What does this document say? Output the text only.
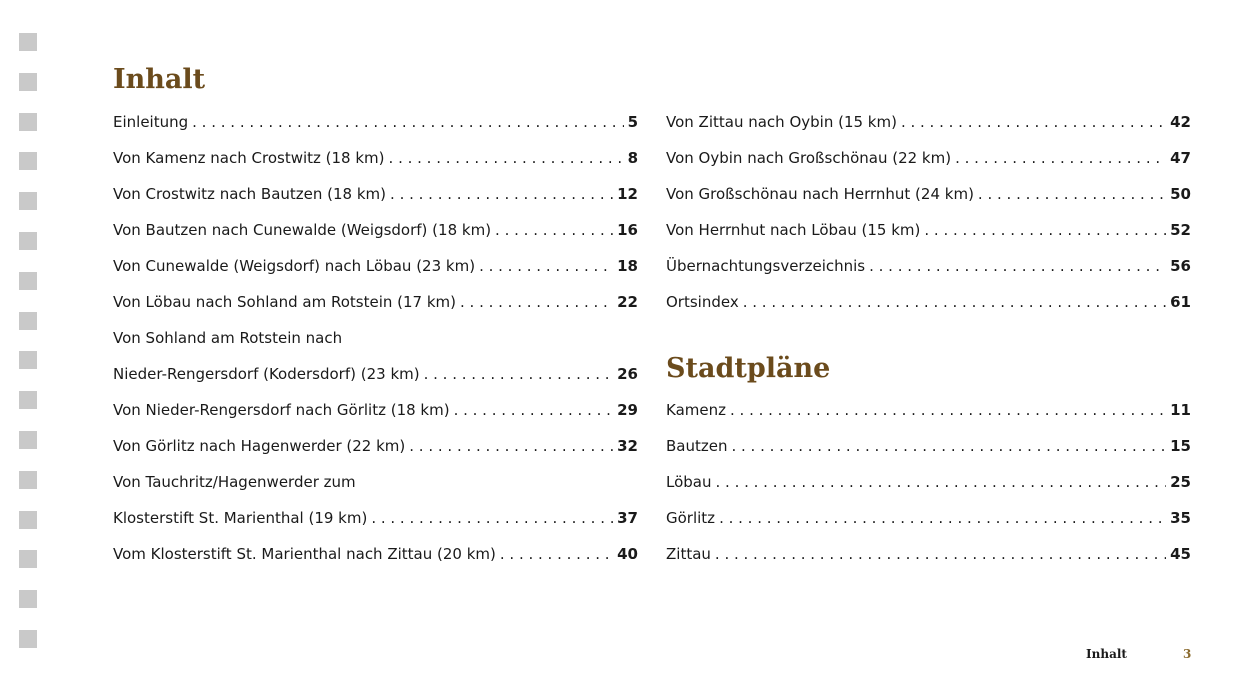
Inhalt
Einleitung . . .	5
Von Kamenz nach Crostwitz (18 km) . . .	8
Von Crostwitz nach Bautzen (18 km) . . .	12
Von Bautzen nach Cunewalde (Weigsdorf) (18 km) . . .	16
Von Cunewalde (Weigsdorf) nach Löbau (23 km) . . .	18
Von Löbau nach Sohland am Rotstein (17 km) . . .	22
Von Sohland am Rotstein nach
Nieder-Rengersdorf (Kodersdorf) (23 km) . . .	26
Von Nieder-Rengersdorf nach Görlitz (18 km) . . .	29
Von Görlitz nach Hagenwerder (22 km) . . .	32
Von Tauchritz/Hagenwerder zum
Klosterstift St. Marienthal (19 km) . . .	37
Vom Klosterstift St. Marienthal nach Zittau (20 km) . . .	40
Von Zittau nach Oybin (15 km) . . .	42
Von Oybin nach Großschönau (22 km) . . .	47
Von Großschönau nach Herrnhut (24 km) . . .	50
Von Herrnhut nach Löbau (15 km) . . .	52
Übernachtungsverzeichnis . . .	56
Ortsindex . . .	61
Stadtpläne
Kamenz . . .	11
Bautzen . . .	15
Löbau . . .	25
Görlitz . . .	35
Zittau . . .	45
Inhalt	3
